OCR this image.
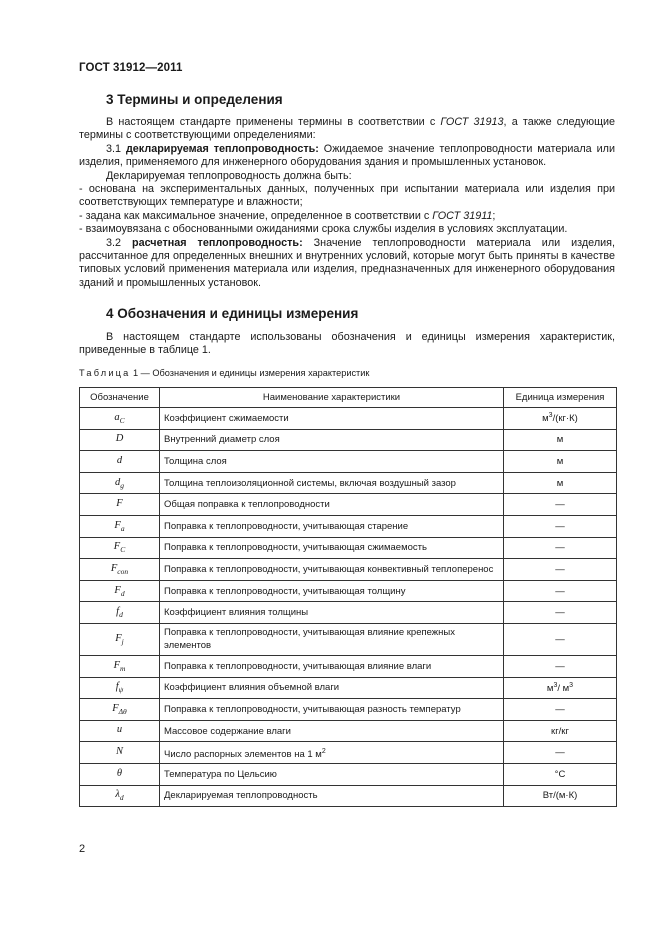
ГОСТ 31912—2011
3 Термины и определения

В настоящем стандарте применены термины в соответствии с ГОСТ 31913, а также следующие термины с соответствующими определениями:

3.1 декларируемая теплопроводность: Ожидаемое значение теплопроводности материала или изделия, применяемого для инженерного оборудования здания и промышленных установок.

Декларируемая теплопроводность должна быть:

- основана на экспериментальных данных, полученных при испытании материала или изделия при соответствующих температуре и влажности;

- задана как максимальное значение, определенное в соответствии с ГОСТ 31911;

- взаимоувязана с обоснованными ожиданиями срока службы изделия в условиях эксплуатации.

3.2 расчетная теплопроводность: Значение теплопроводности материала или изделия, рассчитанное для определенных внешних и внутренних условий, которые могут быть приняты в качестве типовых условий применения материала или изделия, предназначенных для инженерного оборудования зданий и промышленных установок.

4 Обозначения и единицы измерения

В настоящем стандарте использованы обозначения и единицы измерения характеристик, приведенные в таблице 1.

Таблица 1 — Обозначения и единицы измерения характеристик
Обозначение	Наименование характеристики	Единица измерения
$a_C$	Коэффициент сжимаемости	$м^3/(кг\cdot К)$
D	Внутренний диаметр слоя	м
d	Толщина слоя	м
$d_g$	Толщина теплоизоляционной системы, включая воздушный зазор	м
F	Общая поправка к теплопроводности	—
$F_a$	Поправка к теплопроводности, учитывающая старение	—
$F_C$	Поправка к теплопроводности, учитывающая сжимаемость	—
$F_{con}$	Поправка к теплопроводности, учитывающая конвективный теплоперенос	—
$F_d$	Поправка к теплопроводности, учитывающая толщину	—
$f_d$	Коэффициент влияния толщины	—
$F_j$	Поправка к теплопроводности, учитывающая влияние крепежных элементов	—
$F_m$	Поправка к теплопроводности, учитывающая влияние влаги	—
$f_\psi$	Коэффициент влияния объемной влаги	$м^3/$ $м^3$
$F_{\Delta\theta}$	Поправка к теплопроводности, учитывающая разность температур	—
u	Массовое содержание влаги	кг/кг
N	Число распорных элементов на 1 $м^2$	—
θ	Температура по Цельсию	°С
$\lambda_d$	Декларируемая теплопроводность	Вт/(м·К)
2
